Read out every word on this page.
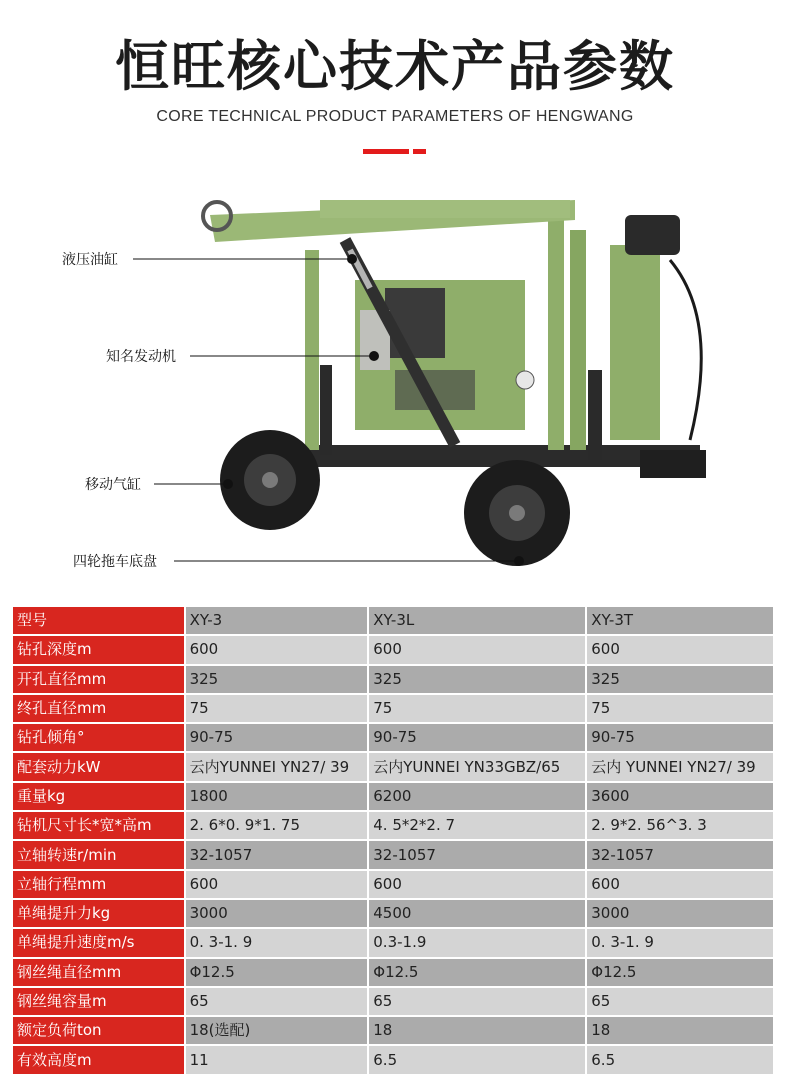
恒旺核心技术产品参数
CORE TECHNICAL PRODUCT PARAMETERS OF HENGWANG
液压油缸
知名发动机
移动气缸
四轮拖车底盘
型号	XY-3	XY-3L	XY-3T
钻孔深度m	600	600	600
开孔直径mm	325	325	325
终孔直径mm	75	75	75
钻孔倾角°	90-75	90-75	90-75
配套动力kW	云内YUNNEI YN27/ 39	云内YUNNEI YN33GBZ/65	云内 YUNNEI YN27/ 39
重量kg	1800	6200	3600
钻机尺寸长*宽*高m	2. 6*0. 9*1. 75	4. 5*2*2. 7	2. 9*2. 56^3. 3
立轴转速r/min	32-1057	32-1057	32-1057
立轴行程mm	600	600	600
单绳提升力kg	3000	4500	3000
单绳提升速度m/s	0. 3-1. 9	0.3-1.9	0. 3-1. 9
钢丝绳直径mm	Φ12.5	Φ12.5	Φ12.5
钢丝绳容量m	65	65	65
额定负荷ton	18(选配)	18	18
有效高度m	11	6.5	6.5
